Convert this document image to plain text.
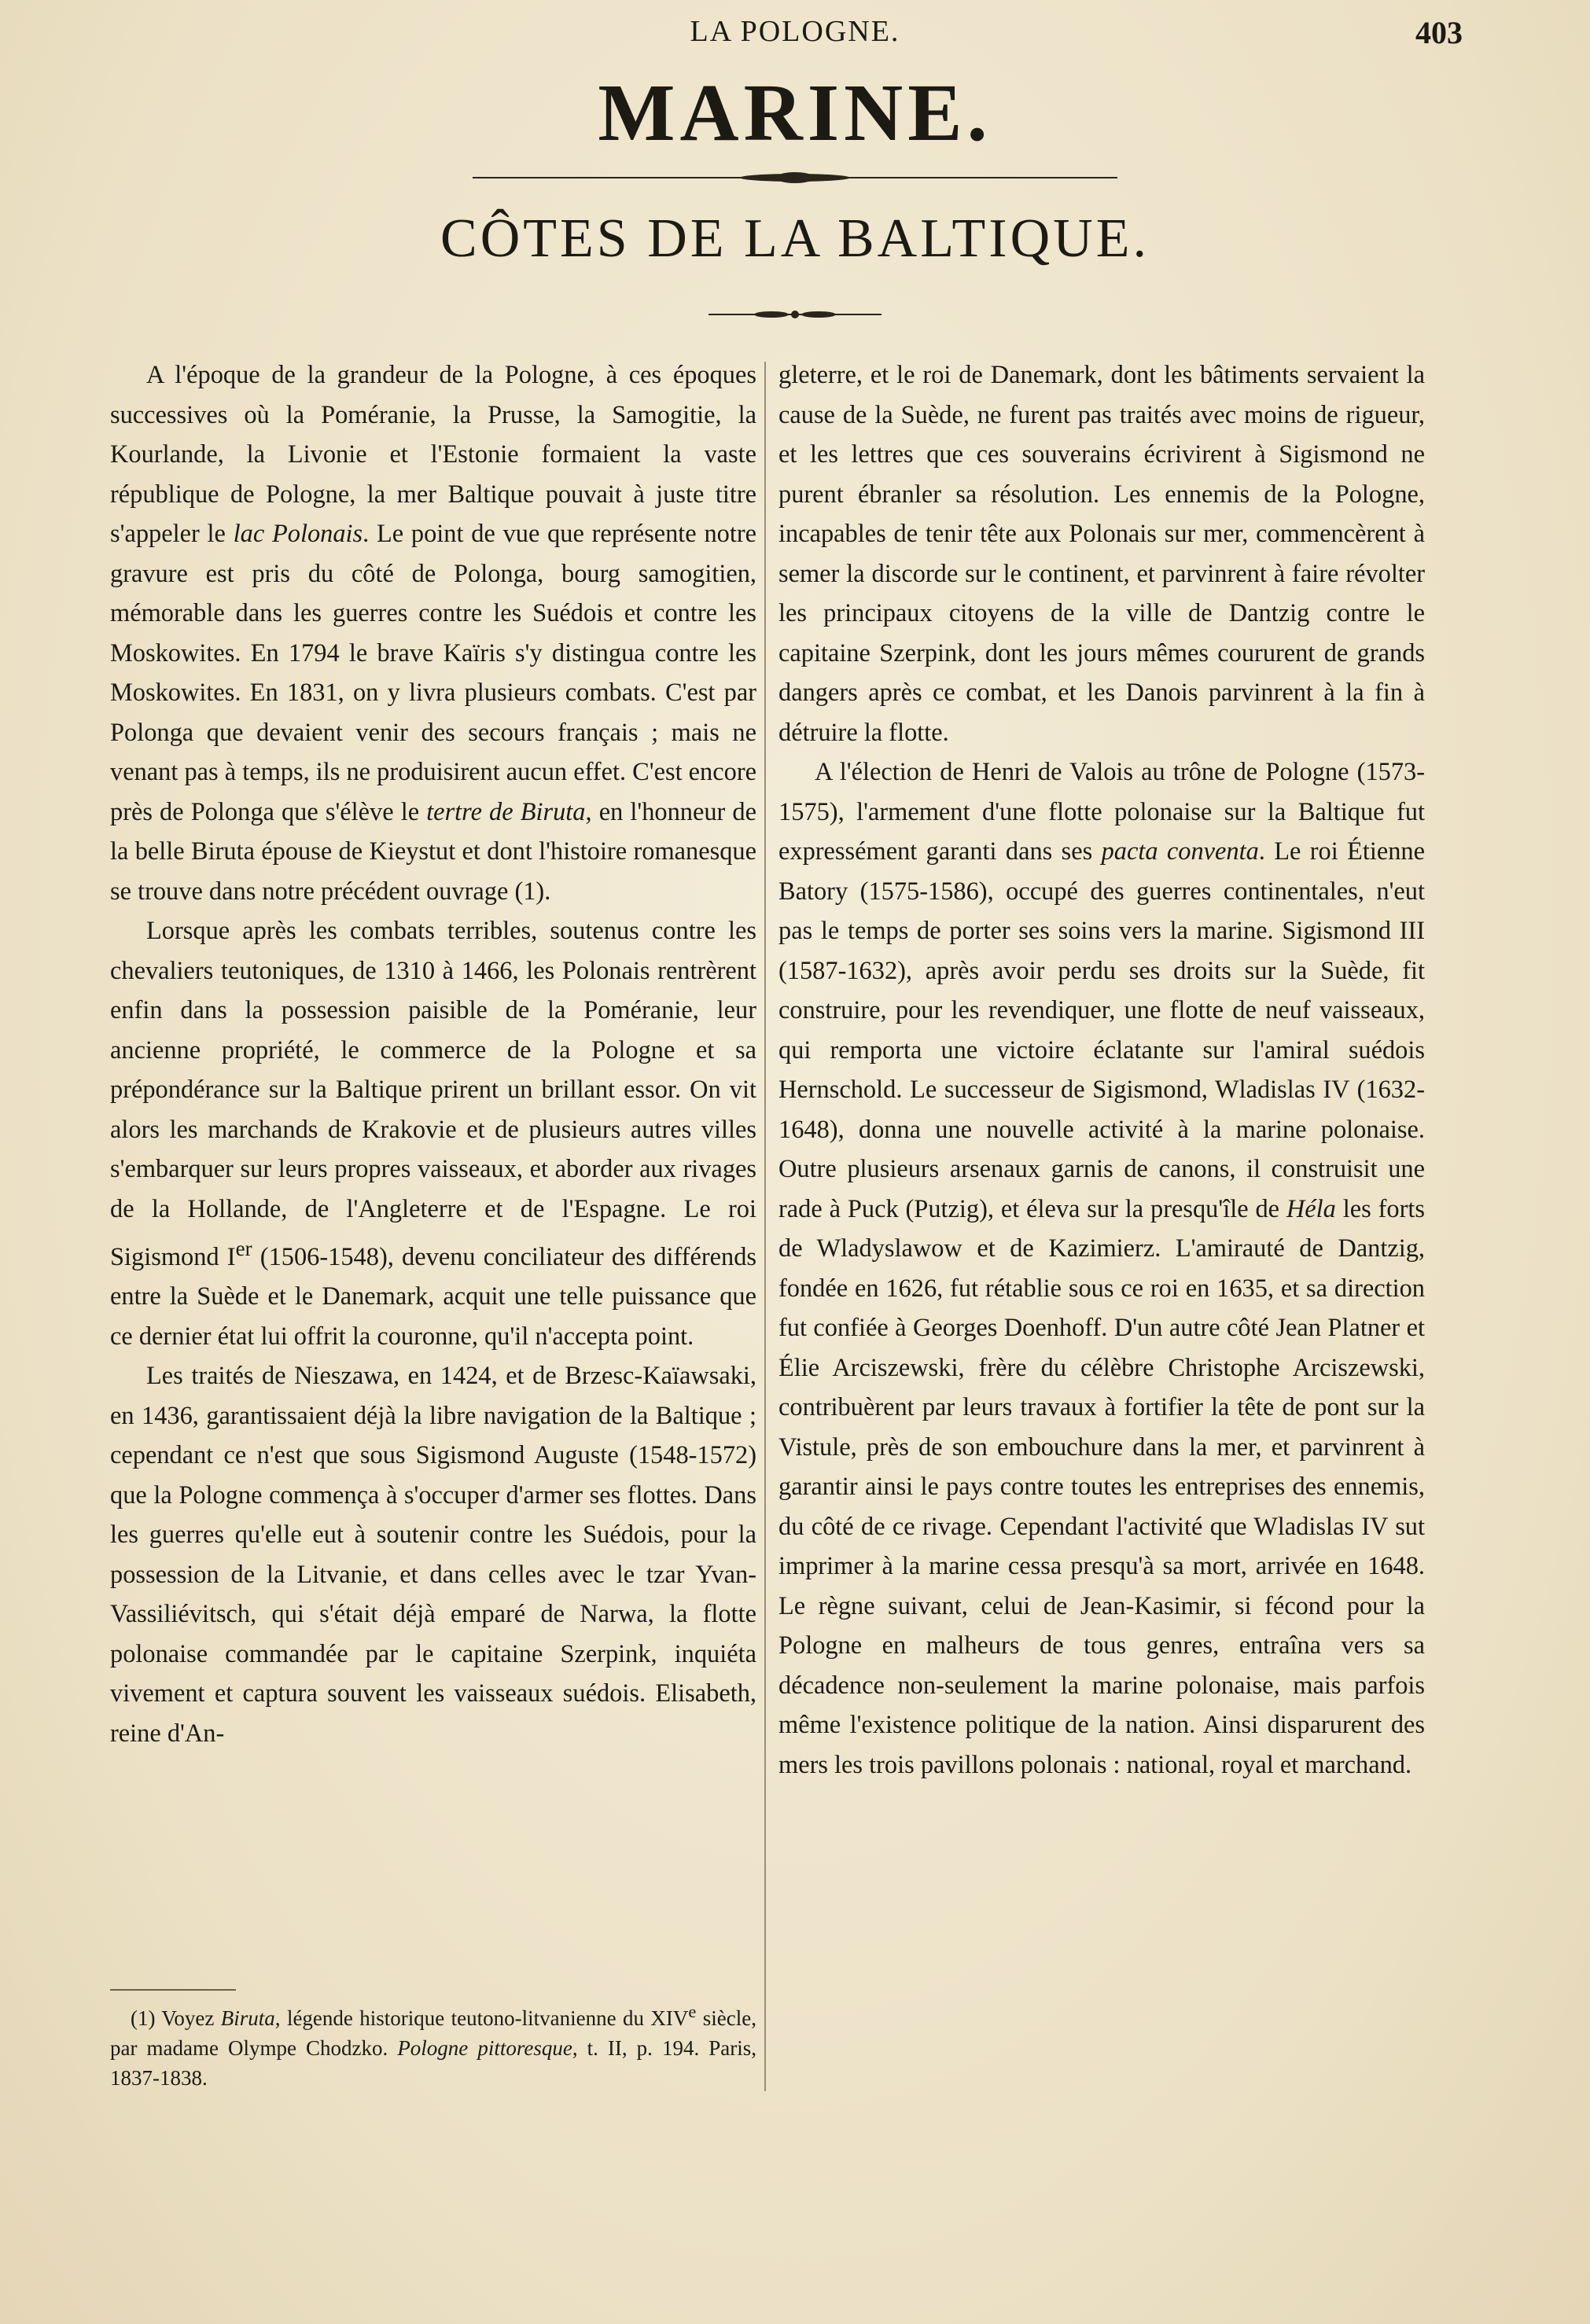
LA POLOGNE.	403
MARINE.
CÔTES DE LA BALTIQUE.

A l'époque de la grandeur de la Pologne, à ces époques successives où la Poméranie, la Prusse, la Samogitie, la Kourlande, la Livonie et l'Estonie formaient la vaste république de Pologne, la mer Baltique pouvait à juste titre s'appeler le lac Polonais. Le point de vue que représente notre gravure est pris du côté de Polonga, bourg samogitien, mémorable dans les guerres contre les Suédois et contre les Moskowites. En 1794 le brave Kaïris s'y distingua contre les Moskowites. En 1831, on y livra plusieurs combats. C'est par Polonga que devaient venir des secours français ; mais ne venant pas à temps, ils ne produisirent aucun effet. C'est encore près de Polonga que s'élève le tertre de Biruta, en l'honneur de la belle Biruta épouse de Kieystut et dont l'histoire romanesque se trouve dans notre précédent ouvrage (1).

Lorsque après les combats terribles, soutenus contre les chevaliers teutoniques, de 1310 à 1466, les Polonais rentrèrent enfin dans la possession paisible de la Poméranie, leur ancienne propriété, le commerce de la Pologne et sa prépondérance sur la Baltique prirent un brillant essor. On vit alors les marchands de Krakovie et de plusieurs autres villes s'embarquer sur leurs propres vaisseaux, et aborder aux rivages de la Hollande, de l'Angleterre et de l'Espagne. Le roi Sigismond Ier (1506-1548), devenu conciliateur des différends entre la Suède et le Danemark, acquit une telle puissance que ce dernier état lui offrit la couronne, qu'il n'accepta point.

Les traités de Nieszawa, en 1424, et de Brzesc-Kaïawsaki, en 1436, garantissaient déjà la libre navigation de la Baltique ; cependant ce n'est que sous Sigismond Auguste (1548-1572) que la Pologne commença à s'occuper d'armer ses flottes. Dans les guerres qu'elle eut à soutenir contre les Suédois, pour la possession de la Litvanie, et dans celles avec le tzar Yvan-Vassiliévitsch, qui s'était déjà emparé de Narwa, la flotte polonaise commandée par le capitaine Szerpink, inquiéta vivement et captura souvent les vaisseaux suédois. Elisabeth, reine d'An-

(1) Voyez Biruta, légende historique teutono-litvanienne du XIVe siècle, par madame Olympe Chodzko. Pologne pittoresque, t. II, p. 194. Paris, 1837-1838.

gleterre, et le roi de Danemark, dont les bâtiments servaient la cause de la Suède, ne furent pas traités avec moins de rigueur, et les lettres que ces souverains écrivirent à Sigismond ne purent ébranler sa résolution. Les ennemis de la Pologne, incapables de tenir tête aux Polonais sur mer, commencèrent à semer la discorde sur le continent, et parvinrent à faire révolter les principaux citoyens de la ville de Dantzig contre le capitaine Szerpink, dont les jours mêmes coururent de grands dangers après ce combat, et les Danois parvinrent à la fin à détruire la flotte.

A l'élection de Henri de Valois au trône de Pologne (1573-1575), l'armement d'une flotte polonaise sur la Baltique fut expressément garanti dans ses pacta conventa. Le roi Étienne Batory (1575-1586), occupé des guerres continentales, n'eut pas le temps de porter ses soins vers la marine. Sigismond III (1587-1632), après avoir perdu ses droits sur la Suède, fit construire, pour les revendiquer, une flotte de neuf vaisseaux, qui remporta une victoire éclatante sur l'amiral suédois Hernschold. Le successeur de Sigismond, Wladislas IV (1632-1648), donna une nouvelle activité à la marine polonaise. Outre plusieurs arsenaux garnis de canons, il construisit une rade à Puck (Putzig), et éleva sur la presqu'île de Héla les forts de Wladyslawow et de Kazimierz. L'amirauté de Dantzig, fondée en 1626, fut rétablie sous ce roi en 1635, et sa direction fut confiée à Georges Doenhoff. D'un autre côté Jean Platner et Élie Arciszewski, frère du célèbre Christophe Arciszewski, contribuèrent par leurs travaux à fortifier la tête de pont sur la Vistule, près de son embouchure dans la mer, et parvinrent à garantir ainsi le pays contre toutes les entreprises des ennemis, du côté de ce rivage. Cependant l'activité que Wladislas IV sut imprimer à la marine cessa presqu'à sa mort, arrivée en 1648. Le règne suivant, celui de Jean-Kasimir, si fécond pour la Pologne en malheurs de tous genres, entraîna vers sa décadence non-seulement la marine polonaise, mais parfois même l'existence politique de la nation. Ainsi disparurent des mers les trois pavillons polonais : national, royal et marchand.
